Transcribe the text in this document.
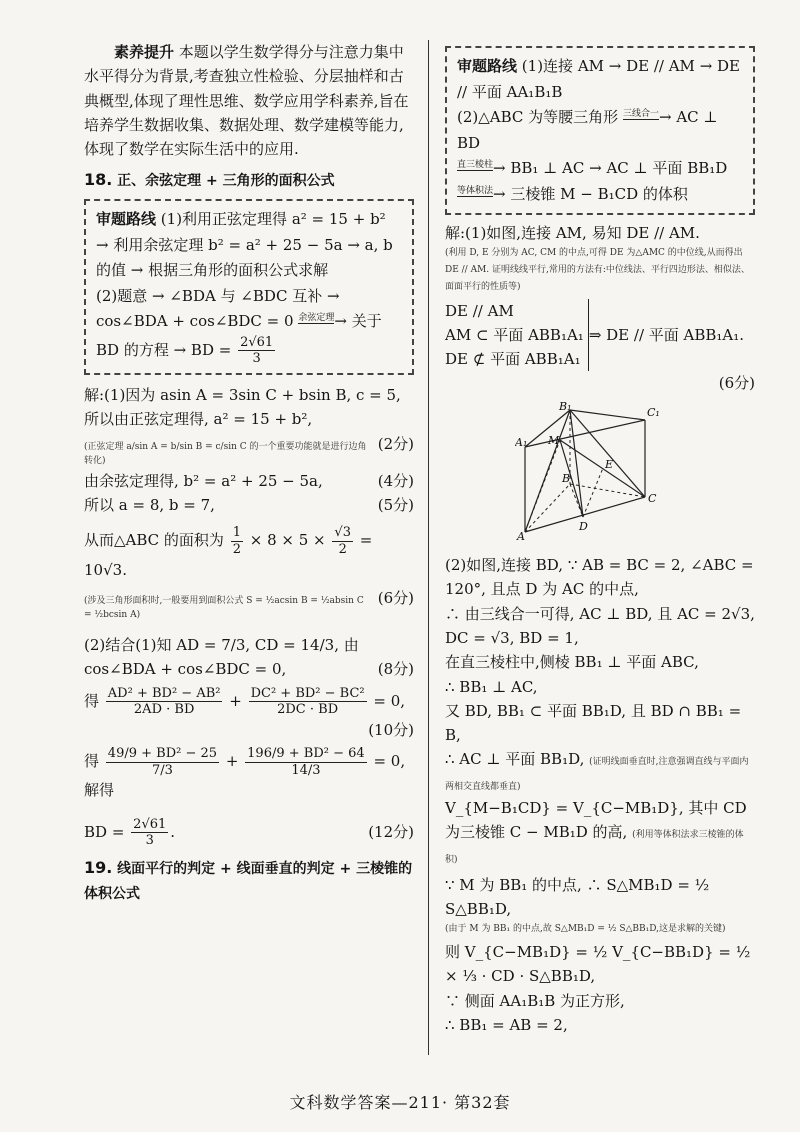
素养提升 本题以学生数学得分与注意力集中水平得分为背景,考查独立性检验、分层抽样和古典概型,体现了理性思维、数学应用学科素养,旨在培养学生数据收集、数据处理、数学建模等能力,体现了数学在实际生活中的应用.

18. 正、余弦定理 + 三角形的面积公式

审题路线 (1)利用正弦定理得 a² = 15 + b² → 利用余弦定理 b² = a² + 25 − 5a → a, b 的值 → 根据三角形的面积公式求解

(2)题意 → ∠BDA 与 ∠BDC 互补 →

cos∠BDA + cos∠BDC = 0 $^{余弦定理}$→ 关于

BD 的方程 → BD = $\frac{2√61}{3}$

解:(1)因为 asin A = 3sin C + bsin B, c = 5, 所以由正弦定理得, a² = 15 + b²,

(正弦定理 a/sin A = b/sin B = c/sin C 的一个重要功能就是进行边角转化)
(2分)
由余弦定理得, b² = a² + 25 − 5a,	(4分)
所以 a = 8, b = 7,	(5分)

从而△ABC 的面积为 $\frac{1}{2} \times 8 \times 5 \times \frac{√3}{2} = 10√3$.

(涉及三角形面积时,一般要用到面积公式 S = ½acsin B = ½absin C = ½bcsin A)
(6分)

(2)结合(1)知 AD = 7/3, CD = 14/3, 由

cos∠BDA + cos∠BDC = 0,	(8分)

得 $\frac{\text{AD² + BD² − AB²}}{2AD \cdot BD} + \frac{\text{DC² + BD² − BC²}}{2DC \cdot BD} = 0$,

(10分)

得 $\frac{\text{49/9 + BD² − 25}}{7/3} + \frac{\text{196/9 + BD² − 64}}{14/3} = 0$, 解得

BD = $\frac{2√61}{3}$ .	(12分)

19. 线面平行的判定 + 线面垂直的判定 + 三棱锥的体积公式

审题路线 (1)连接 AM → DE // AM → DE // 平面 AA₁B₁B

(2)△ABC 为等腰三角形 $^{三线合一}$→ AC ⊥ BD

$^{直三棱柱}$→ BB₁ ⊥ AC → AC ⊥ 平面 BB₁D

$^{等体积法}$→ 三棱锥 M − B₁CD 的体积

解:(1)如图,连接 AM, 易知 DE // AM.

(利用 D, E 分别为 AC, CM 的中点,可得 DE 为△AMC 的中位线,从而得出 DE // AM. 证明线线平行,常用的方法有:中位线法、平行四边形法、相似法、面面平行的性质等)

DE // AM
AM ⊂ 平面 ABB₁A₁
DE ⊄ 平面 ABB₁A₁
⇒ DE // 平面 ABB₁A₁.
(6分)
B₁	C₁
A₁ M
E
B
C
D
A

(2)如图,连接 BD, ∵ AB = BC = 2, ∠ABC = 120°, 且点 D 为 AC 的中点,

∴ 由三线合一可得, AC ⊥ BD, 且 AC = 2√3,

DC = √3, BD = 1,

在直三棱柱中,侧棱 BB₁ ⊥ 平面 ABC,

∴ BB₁ ⊥ AC,

又 BD, BB₁ ⊂ 平面 BB₁D, 且 BD ∩ BB₁ = B,

∴ AC ⊥ 平面 BB₁D, (证明线面垂直时,注意强调直线与平面内两相交直线都垂直)

V_{M−B₁CD} = V_{C−MB₁D}, 其中 CD 为三棱锥 C − MB₁D 的高, (利用等体积法求三棱锥的体积)

∵ M 为 BB₁ 的中点, ∴ S△MB₁D = ½ S△BB₁D,

(由于 M 为 BB₁ 的中点,故 S△MB₁D = ½ S△BB₁D,这是求解的关键)

则 V_{C−MB₁D} = ½ V_{C−BB₁D} = ½ × ⅓ · CD · S△BB₁D,

∵ 侧面 AA₁B₁B 为正方形,

∴ BB₁ = AB = 2,

文科数学答案—211· 第32套
